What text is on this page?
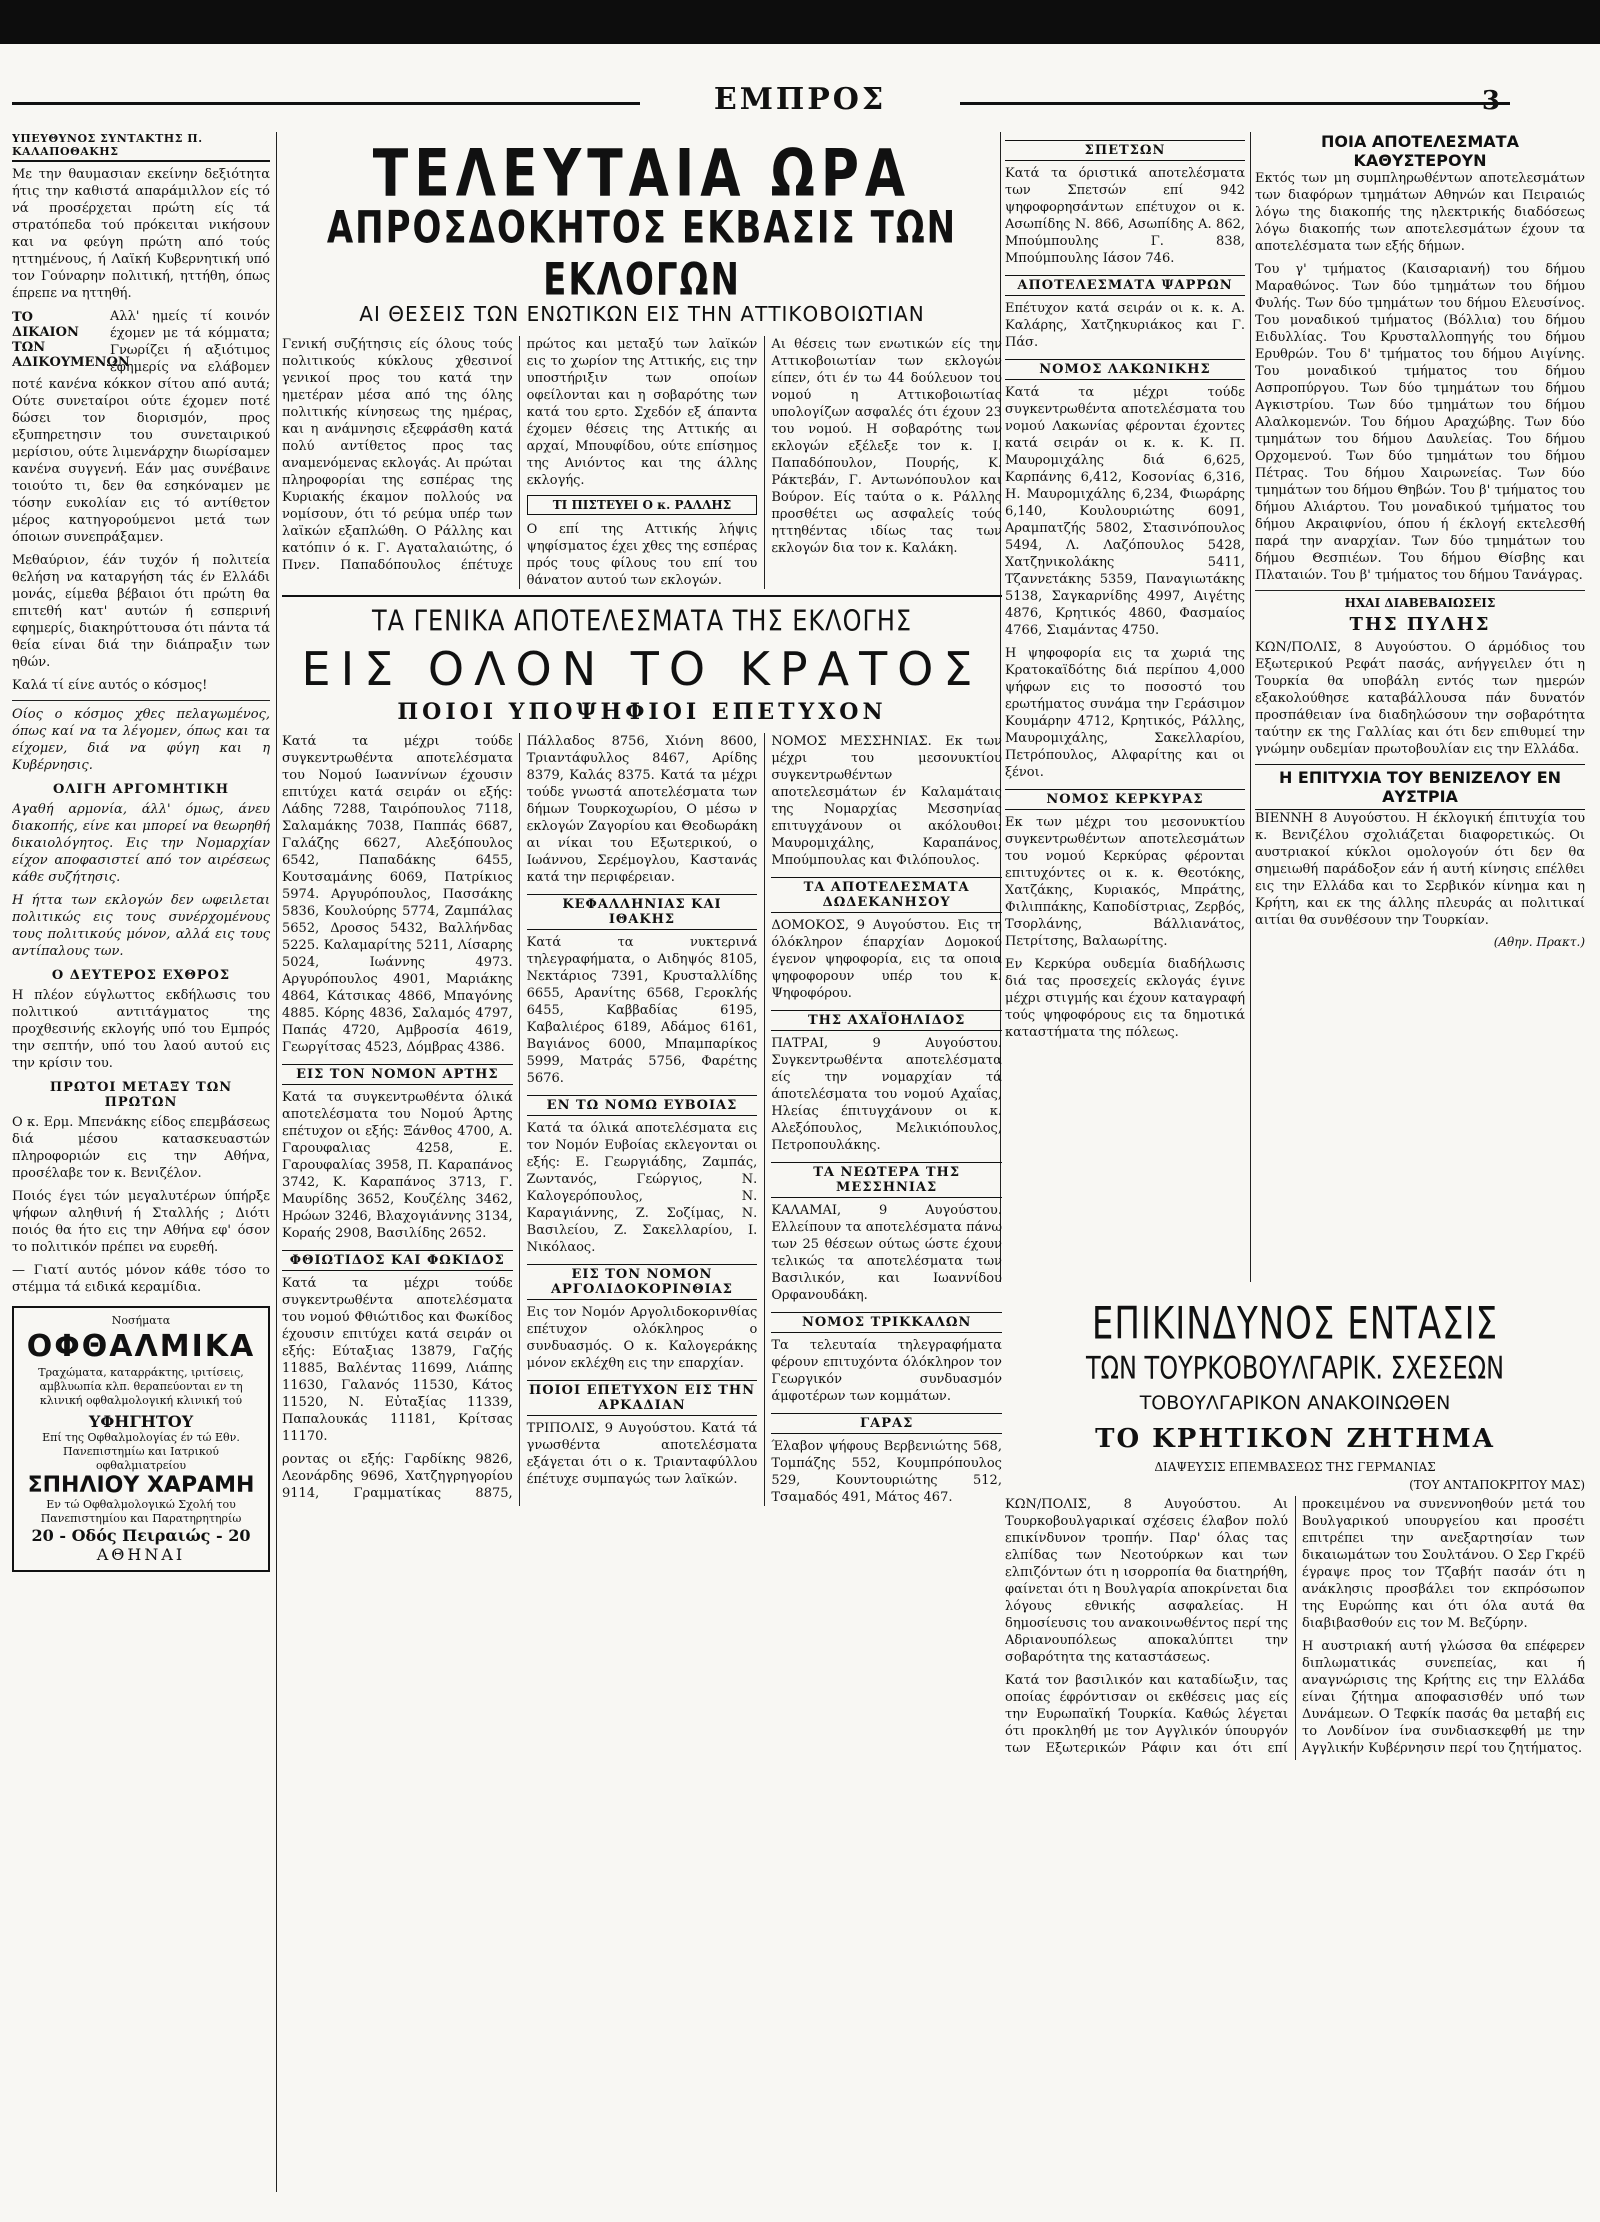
ΕΜΠΡΟΣ	3
ΥΠΕΥΘΥΝΟΣ ΣΥΝΤΑΚΤΗΣ Π. ΚΑΛΑΠΟΘΑΚΗΣ

Με την θαυμασιαν εκείνην δεξιότητα ήτις την καθιστά απαράμιλλον είς τό νά προσέρχεται πρώτη είς τά στρατόπεδα τού πρόκειται νικήσουν και να φεύγη πρώτη από τούς ηττημένους, ή Λαϊκή Κυβερνητική υπό τον Γούναρην πολιτική, ηττήθη, όπως έπρεπε να ηττηθή.

ΤΟ ΔΙΚΑΙΟΝ ΤΩΝ ΑΔΙΚΟΥΜΕΝΩΝ

Αλλ' ημείς τί κοινόν έχομεν με τά κόμματα; Γνωρίζει ή αξιότιμος έφημερίς να ελάβομεν ποτέ κανένα κόκκον σίτου από αυτά; Ούτε συνεταίροι ούτε έχομεν ποτέ δώσει τον διορισμόν, προς εξυπηρετησιν του συνεταιρικού μερίσιου, ούτε λιμενάρχην διωρίσαμεν κανένα συγγενή. Εάν μας συνέβαινε τοιούτο τι, δεν θα εσηκόναμεν με τόσην ευκολίαν εις τό αντίθετον μέρος κατηγορούμενοι μετά των όποιων συνεπράξαμεν.

Μεθαύριον, έάν τυχόν ή πολιτεία θελήση να καταργήση τάς έν Ελλάδι μονάς, είμεθα βέβαιοι ότι πρώτη θα επιτεθή κατ' αυτών ή εσπερινή εφημερίς, διακηρύττουσα ότι πάντα τά θεία είναι διά την διάπραξιν των ηθών.

Καλά τί είνε αυτός ο κόσμος!

Οίος ο κόσμος χθες πελαγωμένος, όπως καί να τα λέγομεν, όπως και τα είχομεν, διά να φύγη και η Κυβέρνησις.

ΟΛΙΓΗ ΑΡΓΟΜΗΤΙΚΗ

Αγαθή αρμονία, άλλ' όμως, άνευ διακοπής, είνε και μπορεί να θεωρηθή δικαιολόγητος. Εις την Νομαρχίαν είχον αποφασιστεί από τον αιρέσεως κάθε συζήτησις.

Η ήττα των εκλογών δεν ωφειλεται πολιτικώς εις τους συνέρχομένους τους πολιτικούς μόνον, αλλά εις τους αντίπαλους των.

Ο ΔΕΥΤΕΡΟΣ ΕΧΘΡΟΣ

Η πλέον εύγλωττος εκδήλωσις του πολιτικού αντιτάγματος της προχθεσινής εκλογής υπό του Εμπρός την σεπτήν, υπό του λαού αυτού εις την κρίσιν του.

ΠΡΩΤΟΙ ΜΕΤΑΞΥ ΤΩΝ ΠΡΩΤΩΝ

Ο κ. Ερμ. Μπενάκης είδος επεμβάσεως διά μέσου κατασκευαστών πληροφοριών εις την Αθήνα, προσέλαβε τον κ. Βενιζέλον.

Ποιός έγει τών μεγαλυτέρων ύπήρξε ψήφων αληθινή ή Σταλλής ; Διότι ποιός θα ήτο εις την Αθήνα εφ' όσον το πολιτικόν πρέπει να ευρεθή.

— Γιατί αυτός μόνον κάθε τόσο το στέμμα τά ειδικά κεραμίδια.

Νοσήματα
ΟΦΘΑΛΜΙΚΑ
Τραχώματα, καταρράκτης, ιριτίσεις, αμβλυωπία κλπ. θεραπεύονται εν τη κλινική οφθαλμολογική κλινική τού
ΥΦΗΓΗΤΟΥ
Επί της Οφθαλμολογίας έν τώ Εθν. Πανεπιστημίω και Ιατρικού οφθαλμιατρείου
ΣΠΗΛΙΟΥ ΧΑΡΑΜΗ
Εν τώ Οφθαλμολογικώ Σχολή του Πανεπιστημίου και Παρατηρητηρίω
20 - Οδός Πειραιώς - 20
ΑΘΗΝΑΙ
ΤΕΛΕΥΤΑΙΑ ΩΡΑ
ΑΠΡΟΣΔΟΚΗΤΟΣ ΕΚΒΑΣΙΣ ΤΩΝ ΕΚΛΟΓΩΝ
ΑΙ ΘΕΣΕΙΣ ΤΩΝ ΕΝΩΤΙΚΩΝ ΕΙΣ ΤΗΝ ΑΤΤΙΚΟΒΟΙΩΤΙΑΝ

Γενική συζήτησις είς όλους τούς πολιτικούς κύκλους χθεσινοί γενικοί προς του κατά την ημετέραν μέσα από της όλης πολιτικής κίνησεως της ημέρας, και η ανάμνησις εξεφράσθη κατά πολύ αντίθετος προς τας αναμενόμενας εκλογάς. Αι πρώται πληροφορίαι της εσπέρας της Κυριακής έκαμον πολλούς να νομίσουν, ότι τό ρεύμα υπέρ των λαϊκών εξαπλώθη. Ο Ράλλης και κατόπιν ό κ. Γ. Αγαταλαιώτης, ό Πνεν. Παπαδόπουλος έπέτυχε πρώτος και μεταξύ των λαϊκών εις το χωρίον της Αττικής, εις την υποστήριξιν των οποίων οφείλονται και η σοβαρότης των κατά του ερτο. Σχεδόν εξ άπαντα έχομεν θέσεις της Αττικής αι αρχαί, Μπουφίδου, ούτε επίσημος της Ανιόντος και της άλλης εκλογής.

ΤΙ ΠΙΣΤΕΥΕΙ Ο κ. ΡΑΛΛΗΣ

Ο επί της Αττικής λήψις ψηφίσματος έχει χθες της εσπέρας πρός τους φίλους του επί του θάνατον αυτού των εκλογών.

Αι θέσεις των ενωτικών είς την Αττικοβοιωτίαν των εκλογών είπεν, ότι έν τω 44 δούλευον του νομού η Αττικοβοιωτίας υπολογίζων ασφαλές ότι έχουν 23 του νομού. Η σοβαρότης των εκλογών εξέλεξε τον κ. Ι. Παπαδόπουλον, Πουρής, Κ. Ράκτεβάν, Γ. Αντωνόπουλον και Βούρον. Είς ταύτα ο κ. Ράλλης προσθέτει ως ασφαλείς τούς ηττηθέντας ιδίως τας των εκλογών δια τον κ. Καλάκη.

ΤΑ ΓΕΝΙΚΑ ΑΠΟΤΕΛΕΣΜΑΤΑ ΤΗΣ ΕΚΛΟΓΗΣ
ΕΙΣ ΟΛΟΝ ΤΟ ΚΡΑΤΟΣ
ΠΟΙΟΙ ΥΠΟΨΗΦΙΟΙ ΕΠΕΤΥΧΟΝ

Κατά τα μέχρι τούδε συγκεντρωθέντα αποτελέσματα του Νομού Ιωαννίνων έχουσιν επιτύχει κατά σειράν οι εξής: Λάδης 7288, Ταιρόπουλος 7118, Σαλαμάκης 7038, Παππάς 6687, Γαλάζης 6627, Αλεξόπουλος 6542, Παπαδάκης 6455, Κουτσαμάνης 6069, Πατρίκιος 5974. Αργυρόπουλος, Πασσάκης 5836, Κουλούρης 5774, Ζαμπάλας 5652, Δροσος 5432, Βαλλήνδας 5225. Καλαμαρίτης 5211, Λίσαρης 5024, Ιωάννης 4973. Αργυρόπουλος 4901, Μαριάκης 4864, Κάτσικας 4866, Μπαγόνης 4885. Κόρης 4836, Σαλαμός 4797, Παπάς 4720, Αμβροσία 4619, Γεωργίτσας 4523, Δόμβρας 4386.

ΕΙΣ ΤΟΝ ΝΟΜΟΝ ΑΡΤΗΣ

Κατά τα συγκεντρωθέντα όλικά αποτελέσματα του Νομού Άρτης επέτυχον οι εξής: Ξάνθος 4700, Α. Γαρουφαλιας 4258, Ε. Γαρουφαλίας 3958, Π. Καραπάνος 3742, Κ. Καραπάνος 3713, Γ. Μαυρίδης 3652, Κουζέλης 3462, Ηρώων 3246, Βλαχογιάννης 3134, Κοραής 2908, Βασιλίδης 2652.

ΦΘΙΩΤΙΔΟΣ ΚΑΙ ΦΩΚΙΔΟΣ

Κατά τα μέχρι τούδε συγκεντρωθέντα αποτελέσματα του νομού Φθιώτιδος και Φωκίδος έχουσιν επιτύχει κατά σειράν οι εξής: Εύταξιας 13879, Γαζής 11885, Βαλέντας 11699, Λιάπης 11630, Γαλανός 11530, Κάτος 11520, Ν. Εὐταξίας 11339, Παπαλουκάς 11181, Κρίτσας 11170.

ροντας οι εξής: Γαρδίκης 9826, Λεονάρδης 9696, Χατζηγρηγορίου 9114, Γραμματίκας 8875, Πάλλαδος 8756, Χιόνη 8600, Τριαντάφυλλος 8467, Αρίδης 8379, Καλάς 8375. Κατά τα μέχρι τούδε γνωστά αποτελέσματα των δήμων Τουρκοχωρίου, Ο μέσω ν εκλογών Ζαγορίου και Θεοδωράκη αι νίκαι του Εξωτερικού, ο Ιωάννου, Σερέμογλου, Καστανάς κατά την περιφέρειαν.

ΚΕΦΑΛΛΗΝΙΑΣ ΚΑΙ ΙΘΑΚΗΣ

Κατά τα νυκτερινά τηλεγραφήματα, ο Αιδηψός 8105, Νεκτάριος 7391, Κρυσταλλίδης 6655, Αρανίτης 6568, Γεροκλής 6455, Καββαδίας 6195, Καβαλιέρος 6189, Αδάμος 6161, Βαγιάνος 6000, Μπαμπαρίκος 5999, Ματράς 5756, Φαρέτης 5676.

ΕΝ ΤΩ ΝΟΜΩ ΕΥΒΟΙΑΣ

Κατά τα όλικά αποτελέσματα εις τον Νομόν Ευβοίας εκλεγονται οι εξής: Ε. Γεωργιάδης, Ζαμπάς, Ζωντανός, Γεώργιος, Ν. Καλογερόπουλος, Ν. Καραγιάννης, Ζ. Σοζίμας, Ν. Βασιλείου, Ζ. Σακελλαρίου, Ι. Νικόλαος.

ΕΙΣ ΤΟΝ ΝΟΜΟΝ ΑΡΓΟΛΙΔΟΚΟΡΙΝΘΙΑΣ

Εις τον Νομόν Αργολιδοκορινθίας επέτυχον ολόκληρος ο συνδυασμός. Ο κ. Καλογεράκης μόνον εκλέχθη εις την επαρχίαν.

ΠΟΙΟΙ ΕΠΕΤΥΧΟΝ ΕΙΣ ΤΗΝ ΑΡΚΑΔΙΑΝ

ΤΡΙΠΟΛΙΣ, 9 Αυγούστου. Κατά τά γνωσθέντα αποτελέσματα εξάγεται ότι ο κ. Τριανταφύλλου έπέτυχε συμπαγώς των λαϊκών.

ΝΟΜΟΣ ΜΕΣΣΗΝΙΑΣ. Εκ των μέχρι του μεσονυκτίου συγκεντρωθέντων αποτελεσμάτων έν Καλαμάταις της Νομαρχίας Μεσσηνίας επιτυγχάνουν οι ακόλουθοι: Μαυρομιχάλης, Καραπάνος, Μπούμπουλας και Φιλόπουλος.

ΤΑ ΑΠΟΤΕΛΕΣΜΑΤΑ ΔΩΔΕΚΑΝΗΣΟΥ

ΔΟΜΟΚΟΣ, 9 Αυγούστου. Εις τη όλόκληρον έπαρχίαν Δομοκού έγενον ψηφοφορία, εις τα οποια ψηφοφορουν υπέρ του κ. Ψηφοφόρου.

ΤΗΣ ΑΧΑΪΟΗΛΙΔΟΣ

ΠΑΤΡΑΙ, 9 Αυγούστου. Συγκεντρωθέντα αποτελέσματα είς την νομαρχίαν τά άποτελέσματα του νομού Αχαΐας, Ηλείας έπιτυγχάνουν οι κ. Αλεξόπουλος, Μελικιόπουλος, Πετροπουλάκης.

ΤΑ ΝΕΩΤΕΡΑ ΤΗΣ ΜΕΣΣΗΝΙΑΣ

ΚΑΛΑΜΑΙ, 9 Αυγούστου. Ελλείπουν τα αποτελέσματα πάνω των 25 θέσεων ούτως ώστε έχουν τελικώς τα αποτελέσματα των Βασιλικόν, και Ιωαννίδου Ορφανουδάκη.

ΝΟΜΟΣ ΤΡΙΚΚΑΛΩΝ

Τα τελευταία τηλεγραφήματα φέρουν επιτυχόντα όλόκληρον τον Γεωργικόν συνδυασμόν άμφοτέρων των κομμάτων.

ΓΑΡΑΣ

Έλαβον ψήφους Βερβενιώτης 568, Τομπάζης 552, Κουμπρόπουλος 529, Κουντουριώτης 512, Τσαμαδός 491, Μάτος 467.

ΣΠΕΤΣΩΝ

Κατά τα όριστικά αποτελέσματα των Σπετσών επί 942 ψηφοφορησάντων επέτυχον οι κ. Ασωπίδης Ν. 866, Ασωπίδης Α. 862, Μπούμπουλης Γ. 838, Μπούμπουλης Ιάσον 746.

ΑΠΟΤΕΛΕΣΜΑΤΑ ΨΑΡΡΩΝ

Επέτυχον κατά σειράν οι κ. κ. Α. Καλάρης, Χατζηκυριάκος και Γ. Πάσ.

ΝΟΜΟΣ ΛΑΚΩΝΙΚΗΣ

Κατά τα μέχρι τούδε συγκεντρωθέντα αποτελέσματα του νομού Λακωνίας φέρονται έχοντες κατά σειράν οι κ. κ. Κ. Π. Μαυρομιχάλης διά 6,625, Καρπάνης 6,412, Κοσονίας 6,316, Η. Μαυρομιχάλης 6,234, Φιωράρης 6,140, Κουλουριώτης 6091, Αραμπατζής 5802, Στασινόπουλος 5494, Λ. Λαζόπουλος 5428, Χατζηνικολάκης 5411, Τζαννετάκης 5359, Παναγιωτάκης 5138, Σαγκαρνίδης 4997, Αιγέτης 4876, Κρητικός 4860, Φασμαίος 4766, Σιαμάντας 4750.

Η ψηφοφορία εις τα χωριά της Κρατοκαϊδότης διά περίπου 4,000 ψήφων εις το ποσοστό του ερωτήματος συνάμα την Γεράσιμον Κουμάρην 4712, Κρητικός, Ράλλης, Μαυρομιχάλης, Σακελλαρίου, Πετρόπουλος, Αλφαρίτης και οι ξένοι.

ΝΟΜΟΣ ΚΕΡΚΥΡΑΣ

Εκ των μέχρι του μεσονυκτίου συγκεντρωθέντων αποτελεσμάτων του νομού Κερκύρας φέρονται επιτυχόντες οι κ. κ. Θεοτόκης, Χατζάκης, Κυριακός, Μπράτης, Φιλιππάκης, Καποδίστριας, Ζερβός, Τσορλάνης, Βάλλιανάτος, Πετρίτσης, Βαλαωρίτης.

Εν Κερκύρα ουδεμία διαδήλωσις διά τας προσεχείς εκλογάς έγινε μέχρι στιγμής και έχουν καταγραφή τούς ψηφοφόρους εις τα δημοτικά καταστήματα της πόλεως.

ΠΟΙΑ ΑΠΟΤΕΛΕΣΜΑΤΑ ΚΑΘΥΣΤΕΡΟΥΝ

Εκτός των μη συμπληρωθέντων αποτελεσμάτων των διαφόρων τμημάτων Αθηνών και Πειραιώς λόγω της διακοπής της ηλεκτρικής διαδόσεως λόγω διακοπής των αποτελεσμάτων έχουν τα αποτελέσματα των εξής δήμων.

Του γ' τμήματος (Καισαριανή) του δήμου Μαραθώνος. Των δύο τμημάτων του δήμου Φυλής. Των δύο τμημάτων του δήμου Ελευσίνος. Του μοναδικού τμήματος (Βόλλια) του δήμου Ειδυλλίας. Του Κρυσταλλοπηγής του δήμου Ερυθρών. Του δ' τμήματος του δήμου Αιγίνης. Του μοναδικού τμήματος του δήμου Ασπροπύργου. Των δύο τμημάτων του δήμου Αγκιστρίου. Των δύο τμημάτων του δήμου Αλαλκομενών. Του δήμου Αραχώβης. Των δύο τμημάτων του δήμου Δαυλείας. Του δήμου Ορχομενού. Των δύο τμημάτων του δήμου Πέτρας. Του δήμου Χαιρωνείας. Των δύο τμημάτων του δήμου Θηβών. Του β' τμήματος του δήμου Αλιάρτου. Του μοναδικού τμήματος του δήμου Ακραιφνίου, όπου ή έκλογή εκτελεσθή παρά την αναρχίαν. Των δύο τμημάτων του δήμου Θεσπιέων. Του δήμου Θίσβης και Πλαταιών. Του β' τμήματος του δήμου Τανάγρας.

ΗΧΑΙ ΔΙΑΒΕΒΑΙΩΣΕΙΣ
ΤΗΣ ΠΥΛΗΣ

ΚΩΝ/ΠΟΛΙΣ, 8 Αυγούστου. Ο άρμόδιος του Εξωτερικού Ρεφάτ πασάς, ανήγγειλεν ότι η Τουρκία θα υποβάλη εντός των ημερών εξακολούθησε καταβάλλουσα πάν δυνατόν προσπάθειαν ίνα διαδηλώσουν την σοβαρότητα ταύτην εκ της Γαλλίας και ότι δεν επιθυμεί την γνώμην ουδεμίαν πρωτοβουλίαν εις την Ελλάδα.

Η ΕΠΙΤΥΧΙΑ ΤΟΥ ΒΕΝΙΖΕΛΟΥ ΕΝ ΑΥΣΤΡΙΑ

ΒΙΕΝΝΗ 8 Αυγούστου. Η έκλογική έπιτυχία του κ. Βενιζέλου σχολιάζεται διαφορετικώς. Οι αυστριακοί κύκλοι ομολογούν ότι δεν θα σημειωθή παράδοξον εάν ή αυτή κίνησις επέλθει εις την Ελλάδα και το Σερβικόν κίνημα και η Κρήτη, και εκ της άλλης πλευράς αι πολιτικαί αιτίαι θα συνθέσουν την Τουρκίαν.

(Αθην. Πρακτ.)
ΕΠΙΚΙΝΔΥΝΟΣ ΕΝΤΑΣΙΣ
ΤΩΝ ΤΟΥΡΚΟΒΟΥΛΓΑΡΙΚ. ΣΧΕΣΕΩΝ
ΤΟΒΟΥΛΓΑΡΙΚΟΝ ΑΝΑΚΟΙΝΩΘΕΝ
ΤΟ ΚΡΗΤΙΚΟΝ ΖΗΤΗΜΑ
ΔΙΑΨΕΥΣΙΣ ΕΠΕΜΒΑΣΕΩΣ ΤΗΣ ΓΕΡΜΑΝΙΑΣ
(ΤΟΥ ΑΝΤΑΠΟΚΡΙΤΟΥ ΜΑΣ)

ΚΩΝ/ΠΟΛΙΣ, 8 Αυγούστου. Αι Τουρκοβουλγαρικαί σχέσεις έλαβον πολύ επικίνδυνον τροπήν. Παρ' όλας τας ελπίδας των Νεοτούρκων και των ελπιζόντων ότι η ισορροπία θα διατηρήθη, φαίνεται ότι η Βουλγαρία αποκρίνεται δια λόγους εθνικής ασφαλείας. Η δημοσίευσις του ανακοινωθέντος περί της Αδριανουπόλεως αποκαλύπτει την σοβαρότητα της καταστάσεως.

Κατά τον βασιλικόν και καταδίωξιν, τας οποίας έφρόντισαν οι εκθέσεις μας είς την Ευρωπαϊκή Τουρκία. Καθώς λέγεται ότι προκληθή με τον Αγγλικόν ύπουργόν των Εξωτερικών Ράφιν και ότι επί προκειμένου να συνεννοηθούν μετά του Βουλγαρικού υπουργείου και προσέτι επιτρέπει την ανεξαρτησίαν των δικαιωμάτων του Σουλτάνου. Ο Σερ Γκρέϋ έγραψε προς τον Τζαβήτ πασάν ότι η ανάκλησις προσβάλει τον εκπρόσωπον της Ευρώπης και ότι όλα αυτά θα διαβιβασθούν εις τον Μ. Βεζύρην.

Η αυστριακή αυτή γλώσσα θα επέφερεν διπλωματικάς συνεπείας, και ή αναγνώρισις της Κρήτης εις την Ελλάδα είναι ζήτημα αποφασισθέν υπό των Δυνάμεων. Ο Τεφκίκ πασάς θα μεταβή εις το Λονδίνον ίνα συνδιασκεφθή με την Αγγλικήν Κυβέρνησιν περί του ζητήματος.
